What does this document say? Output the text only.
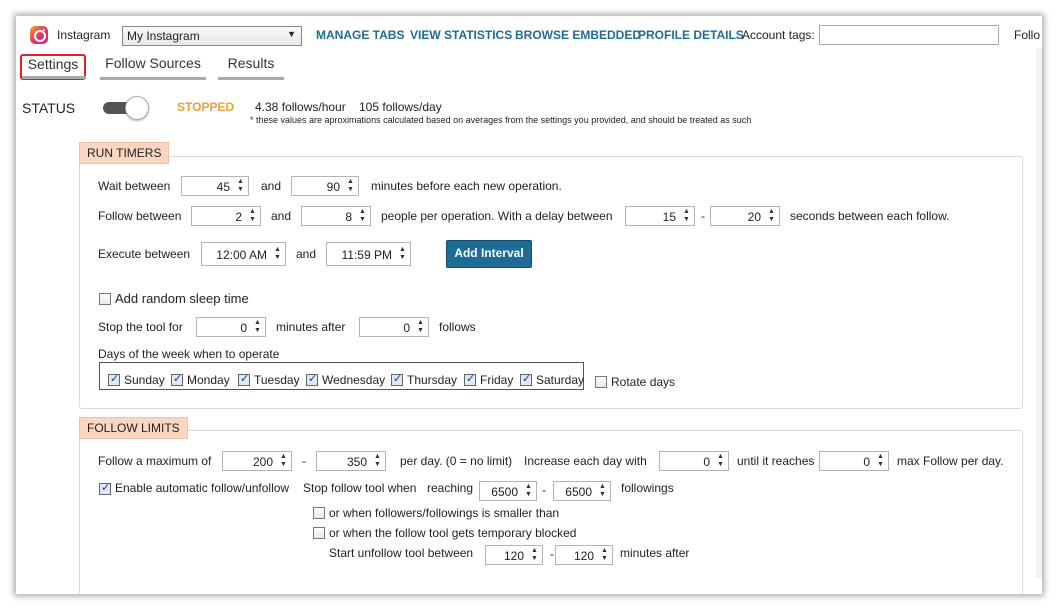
Instagram	My Instagram	▼ MANAGE TABS VIEW STATISTICS BROWSE EMBEDDED
PROFILE DETAILS
Account tags:	Follo
Settings	Follow Sources	Results
STATUS	STOPPED 4.38 follows/hour 105 follows/day
* these values are aproximations calculated based on averages from the settings you provided, and should be treated as such
RUN TIMERS
Wait between	45 ▲
▼ and	90 ▲
▼ minutes before each new operation.
Follow between	2 ▲
▼ and	8 ▲
▼ people per operation. With a delay between	15 ▲
▼ -	20 ▲
▼ seconds between each follow.
Execute between 12:00 AM ▲
▼ and 11:59 PM ▲
▼	Add Interval
Add random sleep time
Stop the tool for	0 ▲
▼ minutes after	0 ▲
▼ follows
Days of the week when to operate
✓
Sunday ✓ Monday ✓ Tuesday ✓ Wednesday ✓ Thursday ✓ Friday ✓ Saturday Rotate days
FOLLOW LIMITS
Follow a maximum of	200 ▲
▼ -	350 ▲
▼ per day. (0 = no limit) Increase each day with	0 ▲
▼ until it reaches	0 ▲
▼ max Follow per day.
✓
Enable automatic follow/unfollow Stop follow tool when reaching 6500 ▲
▼ - 6500 ▲
▼ followings
or when followers/followings is smaller than
or when the follow tool gets temporary blocked
Start unfollow tool between	120 ▲
▼ - 120 ▲
▼ minutes after
